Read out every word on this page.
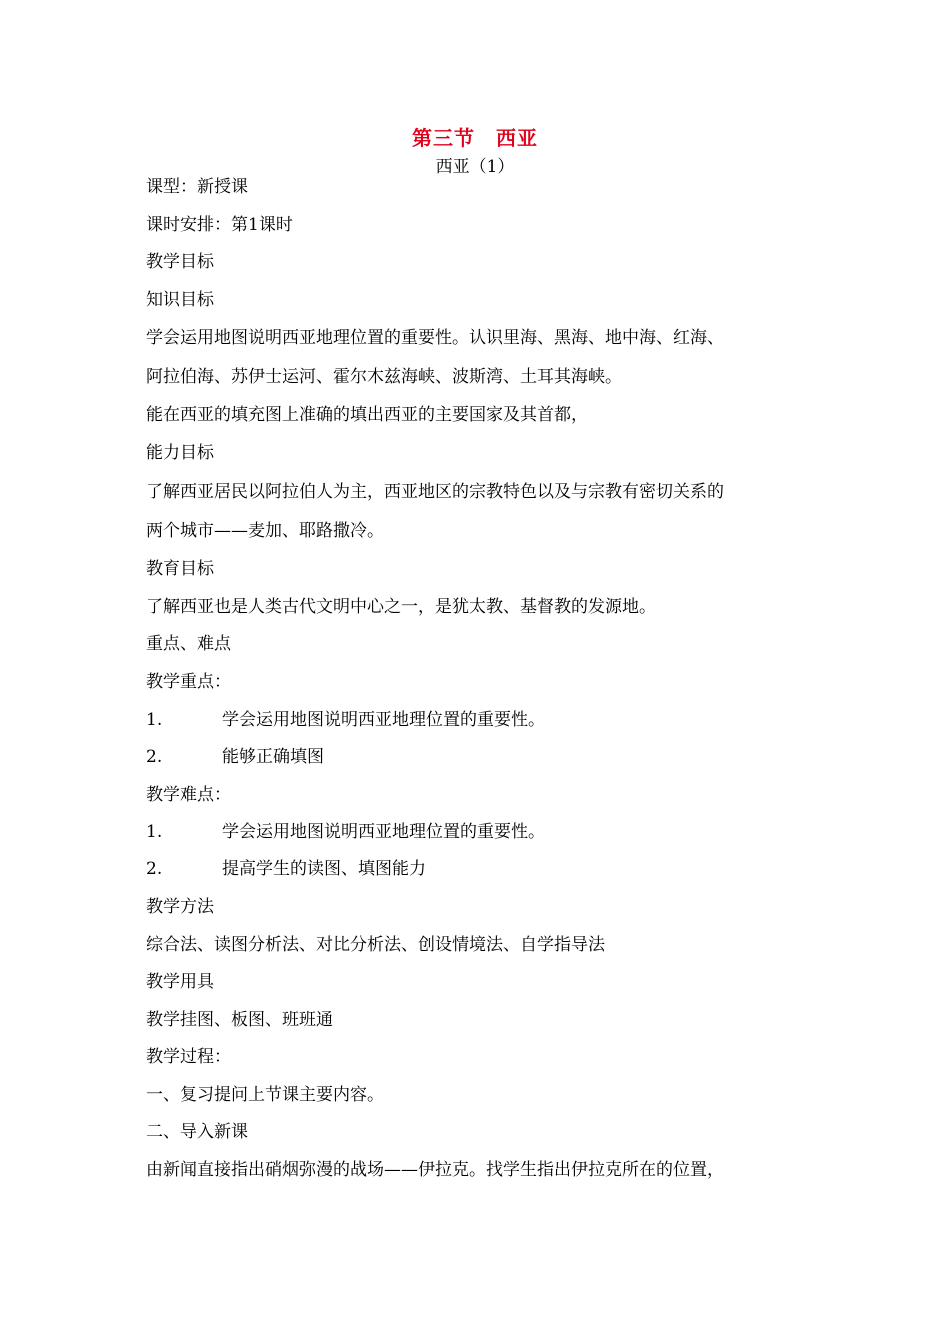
第三节　西亚
西亚（1）
课型：新授课
课时安排：第1课时
教学目标
知识目标
学会运用地图说明西亚地理位置的重要性。认识里海、黑海、地中海、红海、
阿拉伯海、苏伊士运河、霍尔木兹海峡、波斯湾、土耳其海峡。
能在西亚的填充图上准确的填出西亚的主要国家及其首都，
能力目标
了解西亚居民以阿拉伯人为主，西亚地区的宗教特色以及与宗教有密切关系的
两个城市——麦加、耶路撒冷。
教育目标
了解西亚也是人类古代文明中心之一，是犹太教、基督教的发源地。
重点、难点
教学重点：
1.	学会运用地图说明西亚地理位置的重要性。
2.	能够正确填图
教学难点：
1.	学会运用地图说明西亚地理位置的重要性。
2.	提高学生的读图、填图能力
教学方法
综合法、读图分析法、对比分析法、创设情境法、自学指导法
教学用具
教学挂图、板图、班班通
教学过程：
一、复习提问上节课主要内容。
二、导入新课
由新闻直接指出硝烟弥漫的战场——伊拉克。找学生指出伊拉克所在的位置，
